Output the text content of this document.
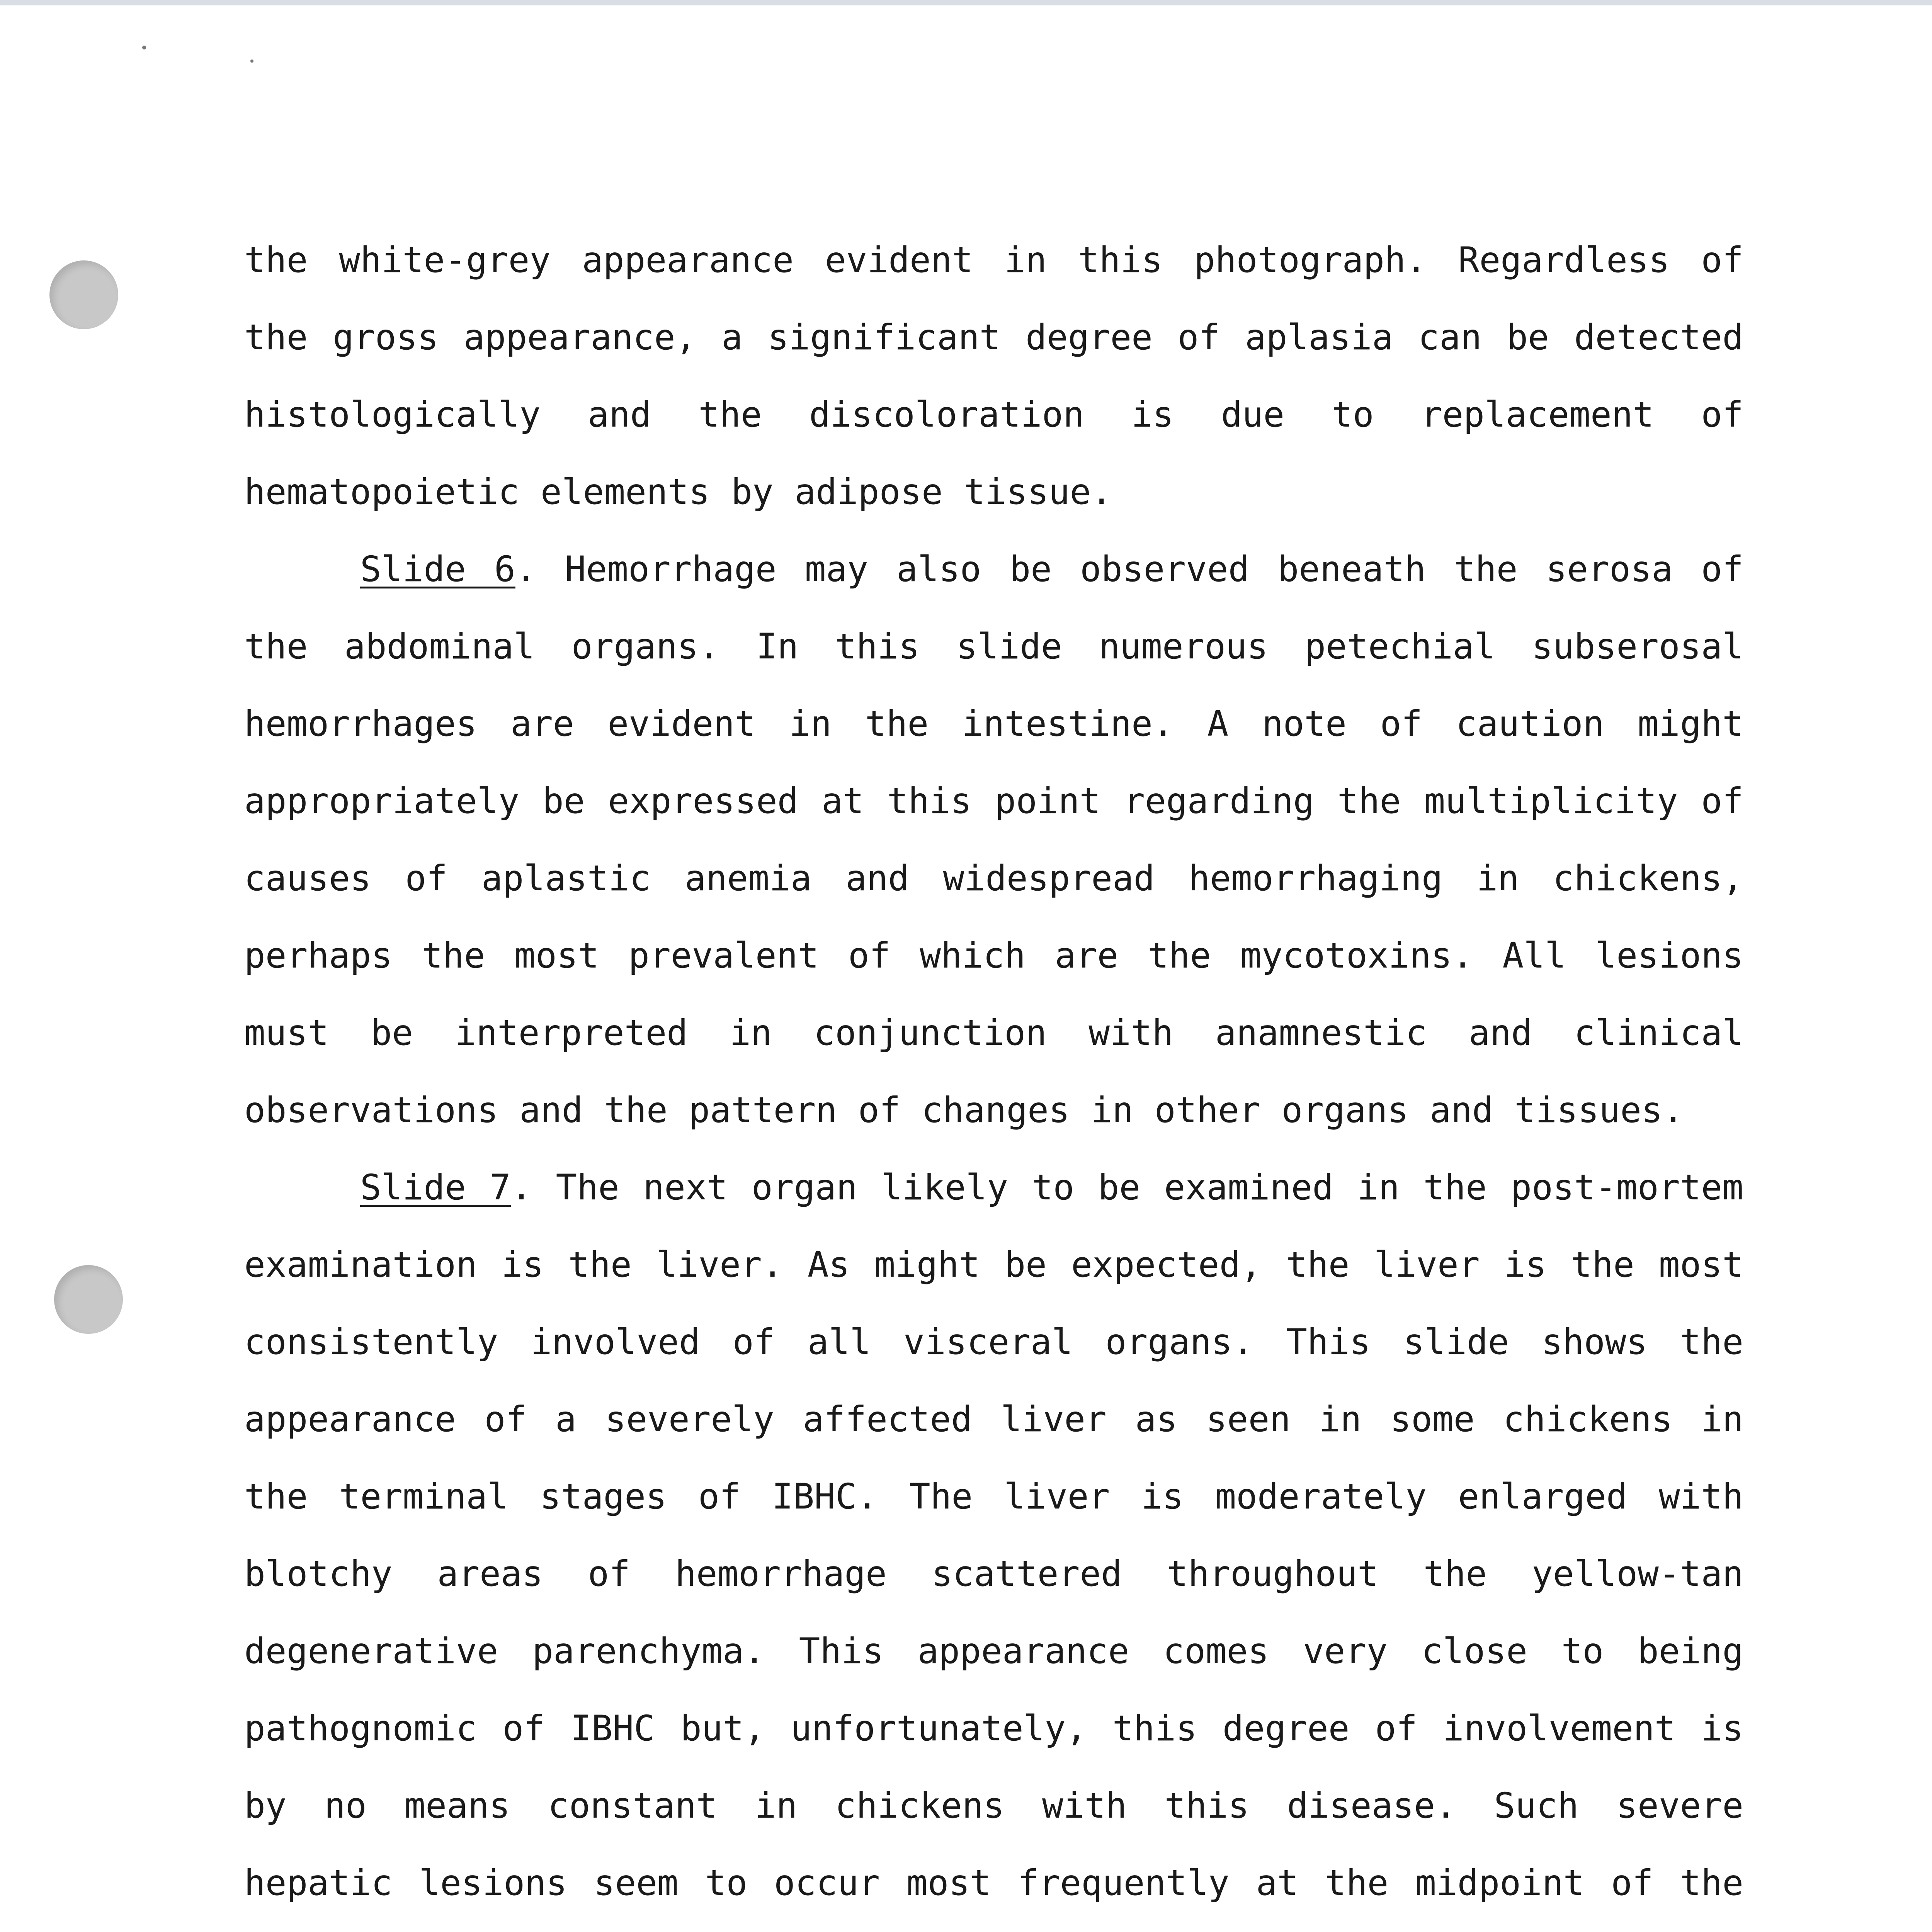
the white-grey appearance evident in this photograph. Regardless of the gross appearance, a significant degree of aplasia can be detected histologically and the discoloration is due to replacement of hematopoietic elements by adipose tissue.

Slide 6. Hemorrhage may also be observed beneath the serosa of the abdominal organs. In this slide numerous petechial subserosal hemorrhages are evident in the intestine. A note of caution might appropriately be expressed at this point regarding the multiplicity of causes of aplastic anemia and widespread hemorrhaging in chickens, perhaps the most prevalent of which are the mycotoxins. All lesions must be interpreted in conjunction with anamnestic and clinical observations and the pattern of changes in other organs and tissues.

Slide 7. The next organ likely to be examined in the post-mortem examination is the liver. As might be expected, the liver is the most consistently involved of all visceral organs. This slide shows the appearance of a severely affected liver as seen in some chickens in the terminal stages of IBHC. The liver is moderately enlarged with blotchy areas of hemorrhage scattered throughout the yellow-tan degenerative parenchyma. This appearance comes very close to being pathognomic of IBHC but, unfortunately, this degree of involvement is by no means constant in chickens with this disease. Such severe hepatic lesions seem to occur most frequently at the midpoint of the
